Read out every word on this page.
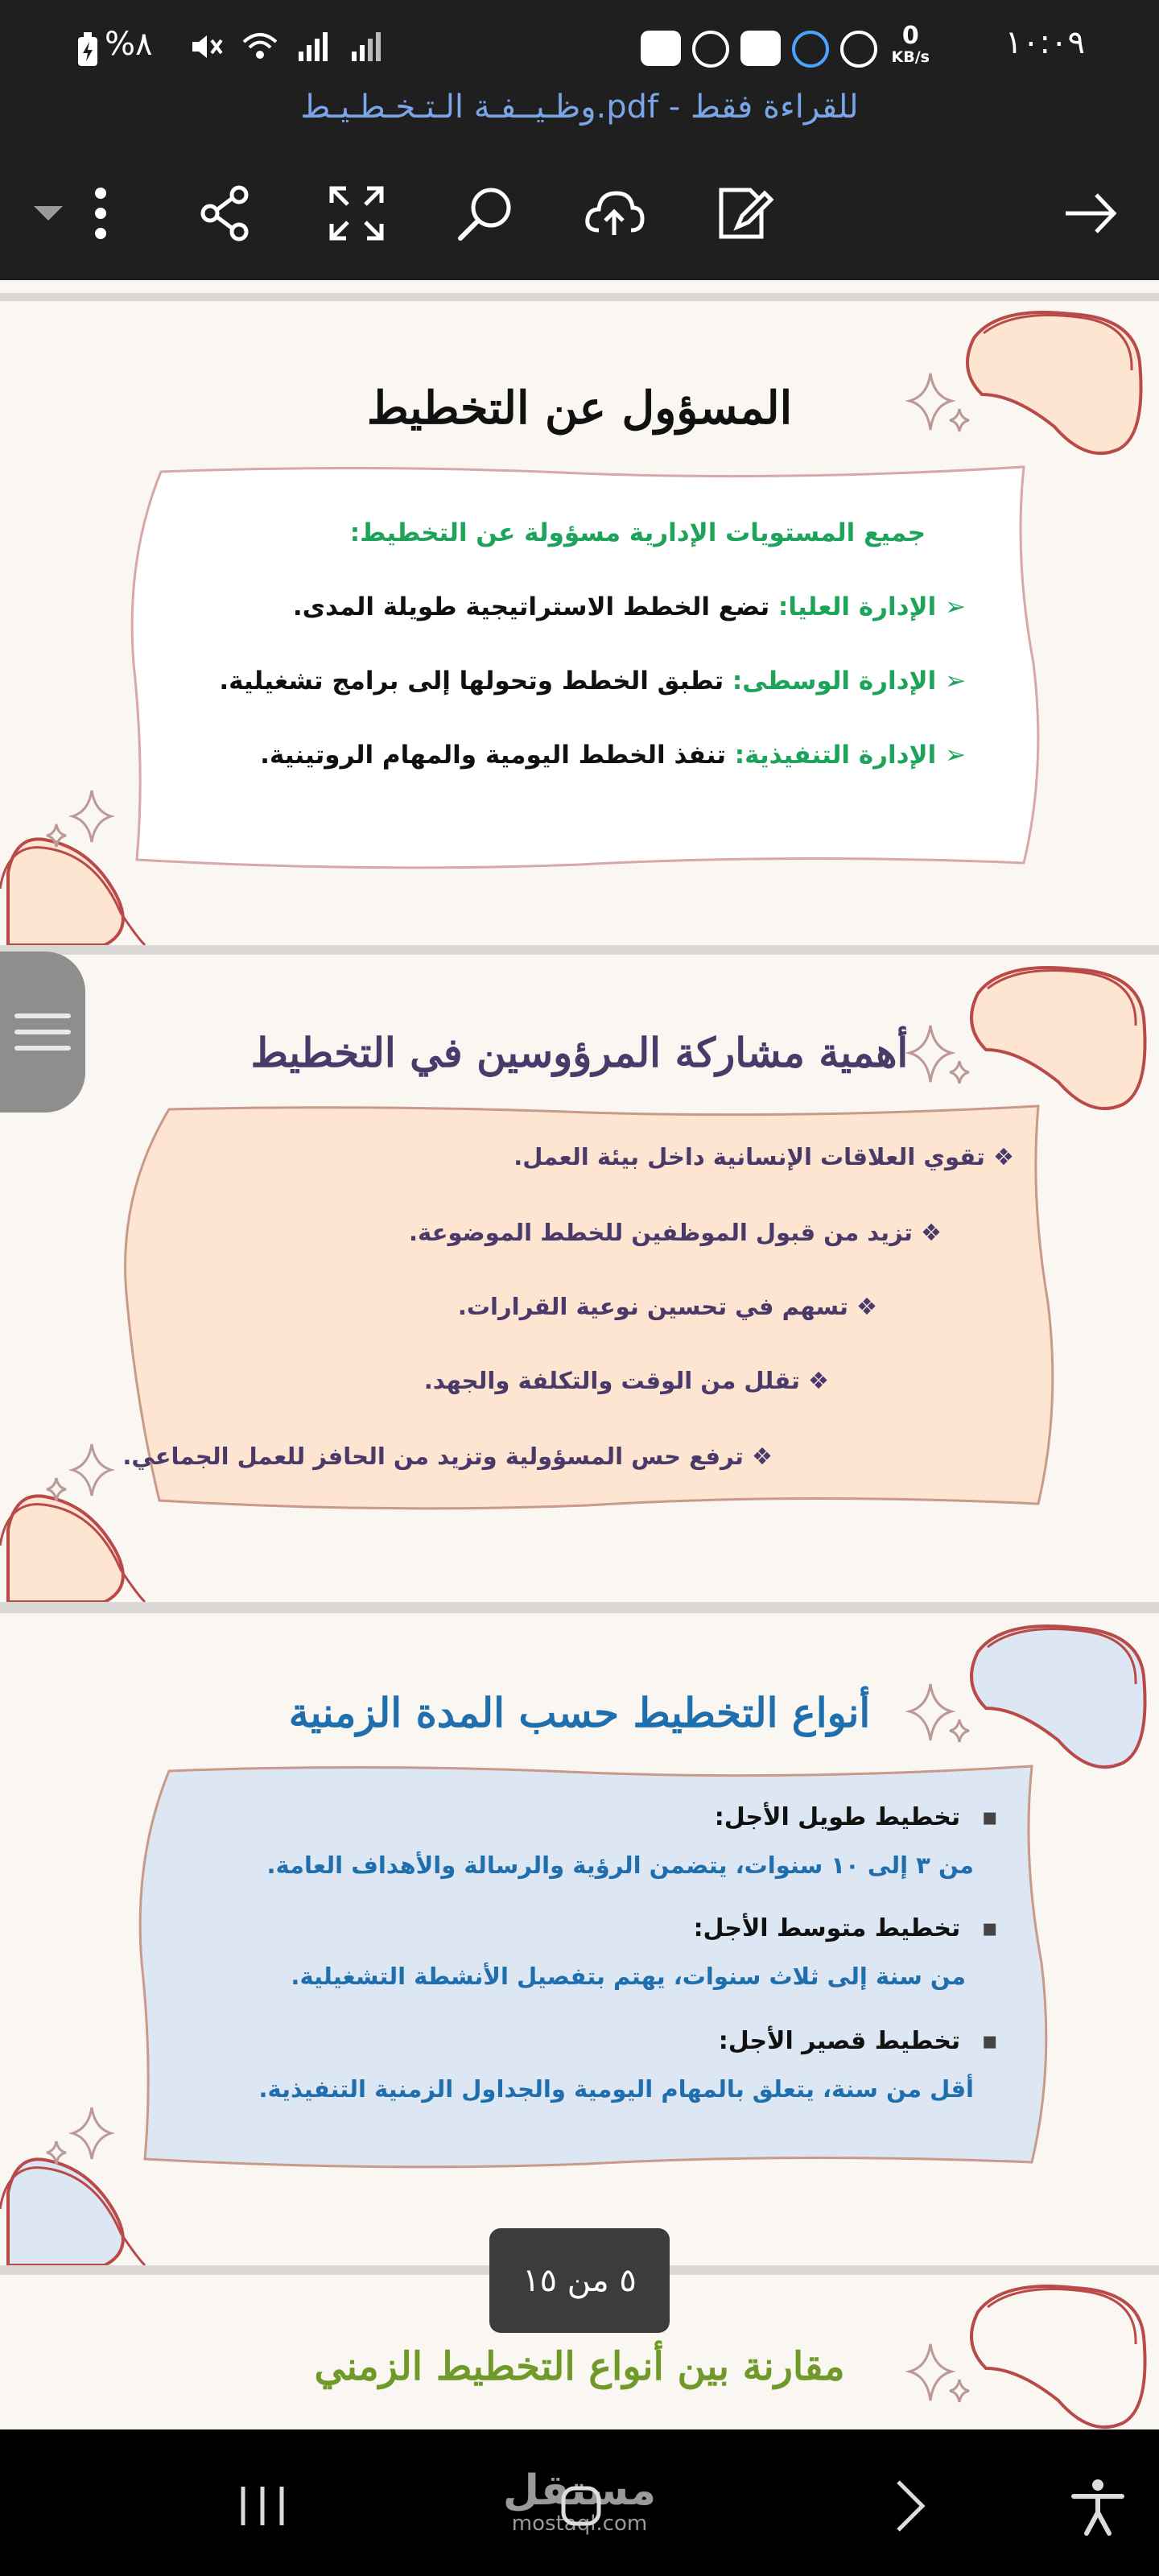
%٨	0
KB/s ١٠:٠٩
وظـيــفـة الـتـخـطـيـط.pdf - للقراءة فقط
المسؤول عن التخطيط
جميع المستويات الإدارية مسؤولة عن التخطيط:
➢ الإدارة العليا: تضع الخطط الاستراتيجية طويلة المدى.
➢ الإدارة الوسطى: تطبق الخطط وتحولها إلى برامج تشغيلية.
➢ الإدارة التنفيذية: تنفذ الخطط اليومية والمهام الروتينية.
أهمية مشاركة المرؤوسين في التخطيط
❖ تقوي العلاقات الإنسانية داخل بيئة العمل.
❖ تزيد من قبول الموظفين للخطط الموضوعة.
❖ تسهم في تحسين نوعية القرارات.
❖ تقلل من الوقت والتكلفة والجهد.
❖ ترفع حس المسؤولية وتزيد من الحافز للعمل الجماعي.
أنواع التخطيط حسب المدة الزمنية
▪ تخطيط طويل الأجل:
من ٣ إلى ١٠ سنوات، يتضمن الرؤية والرسالة والأهداف العامة.
▪ تخطيط متوسط الأجل:
من سنة إلى ثلاث سنوات، يهتم بتفصيل الأنشطة التشغيلية.
▪ تخطيط قصير الأجل:
أقل من سنة، يتعلق بالمهام اليومية والجداول الزمنية التنفيذية.
مقارنة بين أنواع التخطيط الزمني
٥ من ١٥
مستقل
mostaql.com
